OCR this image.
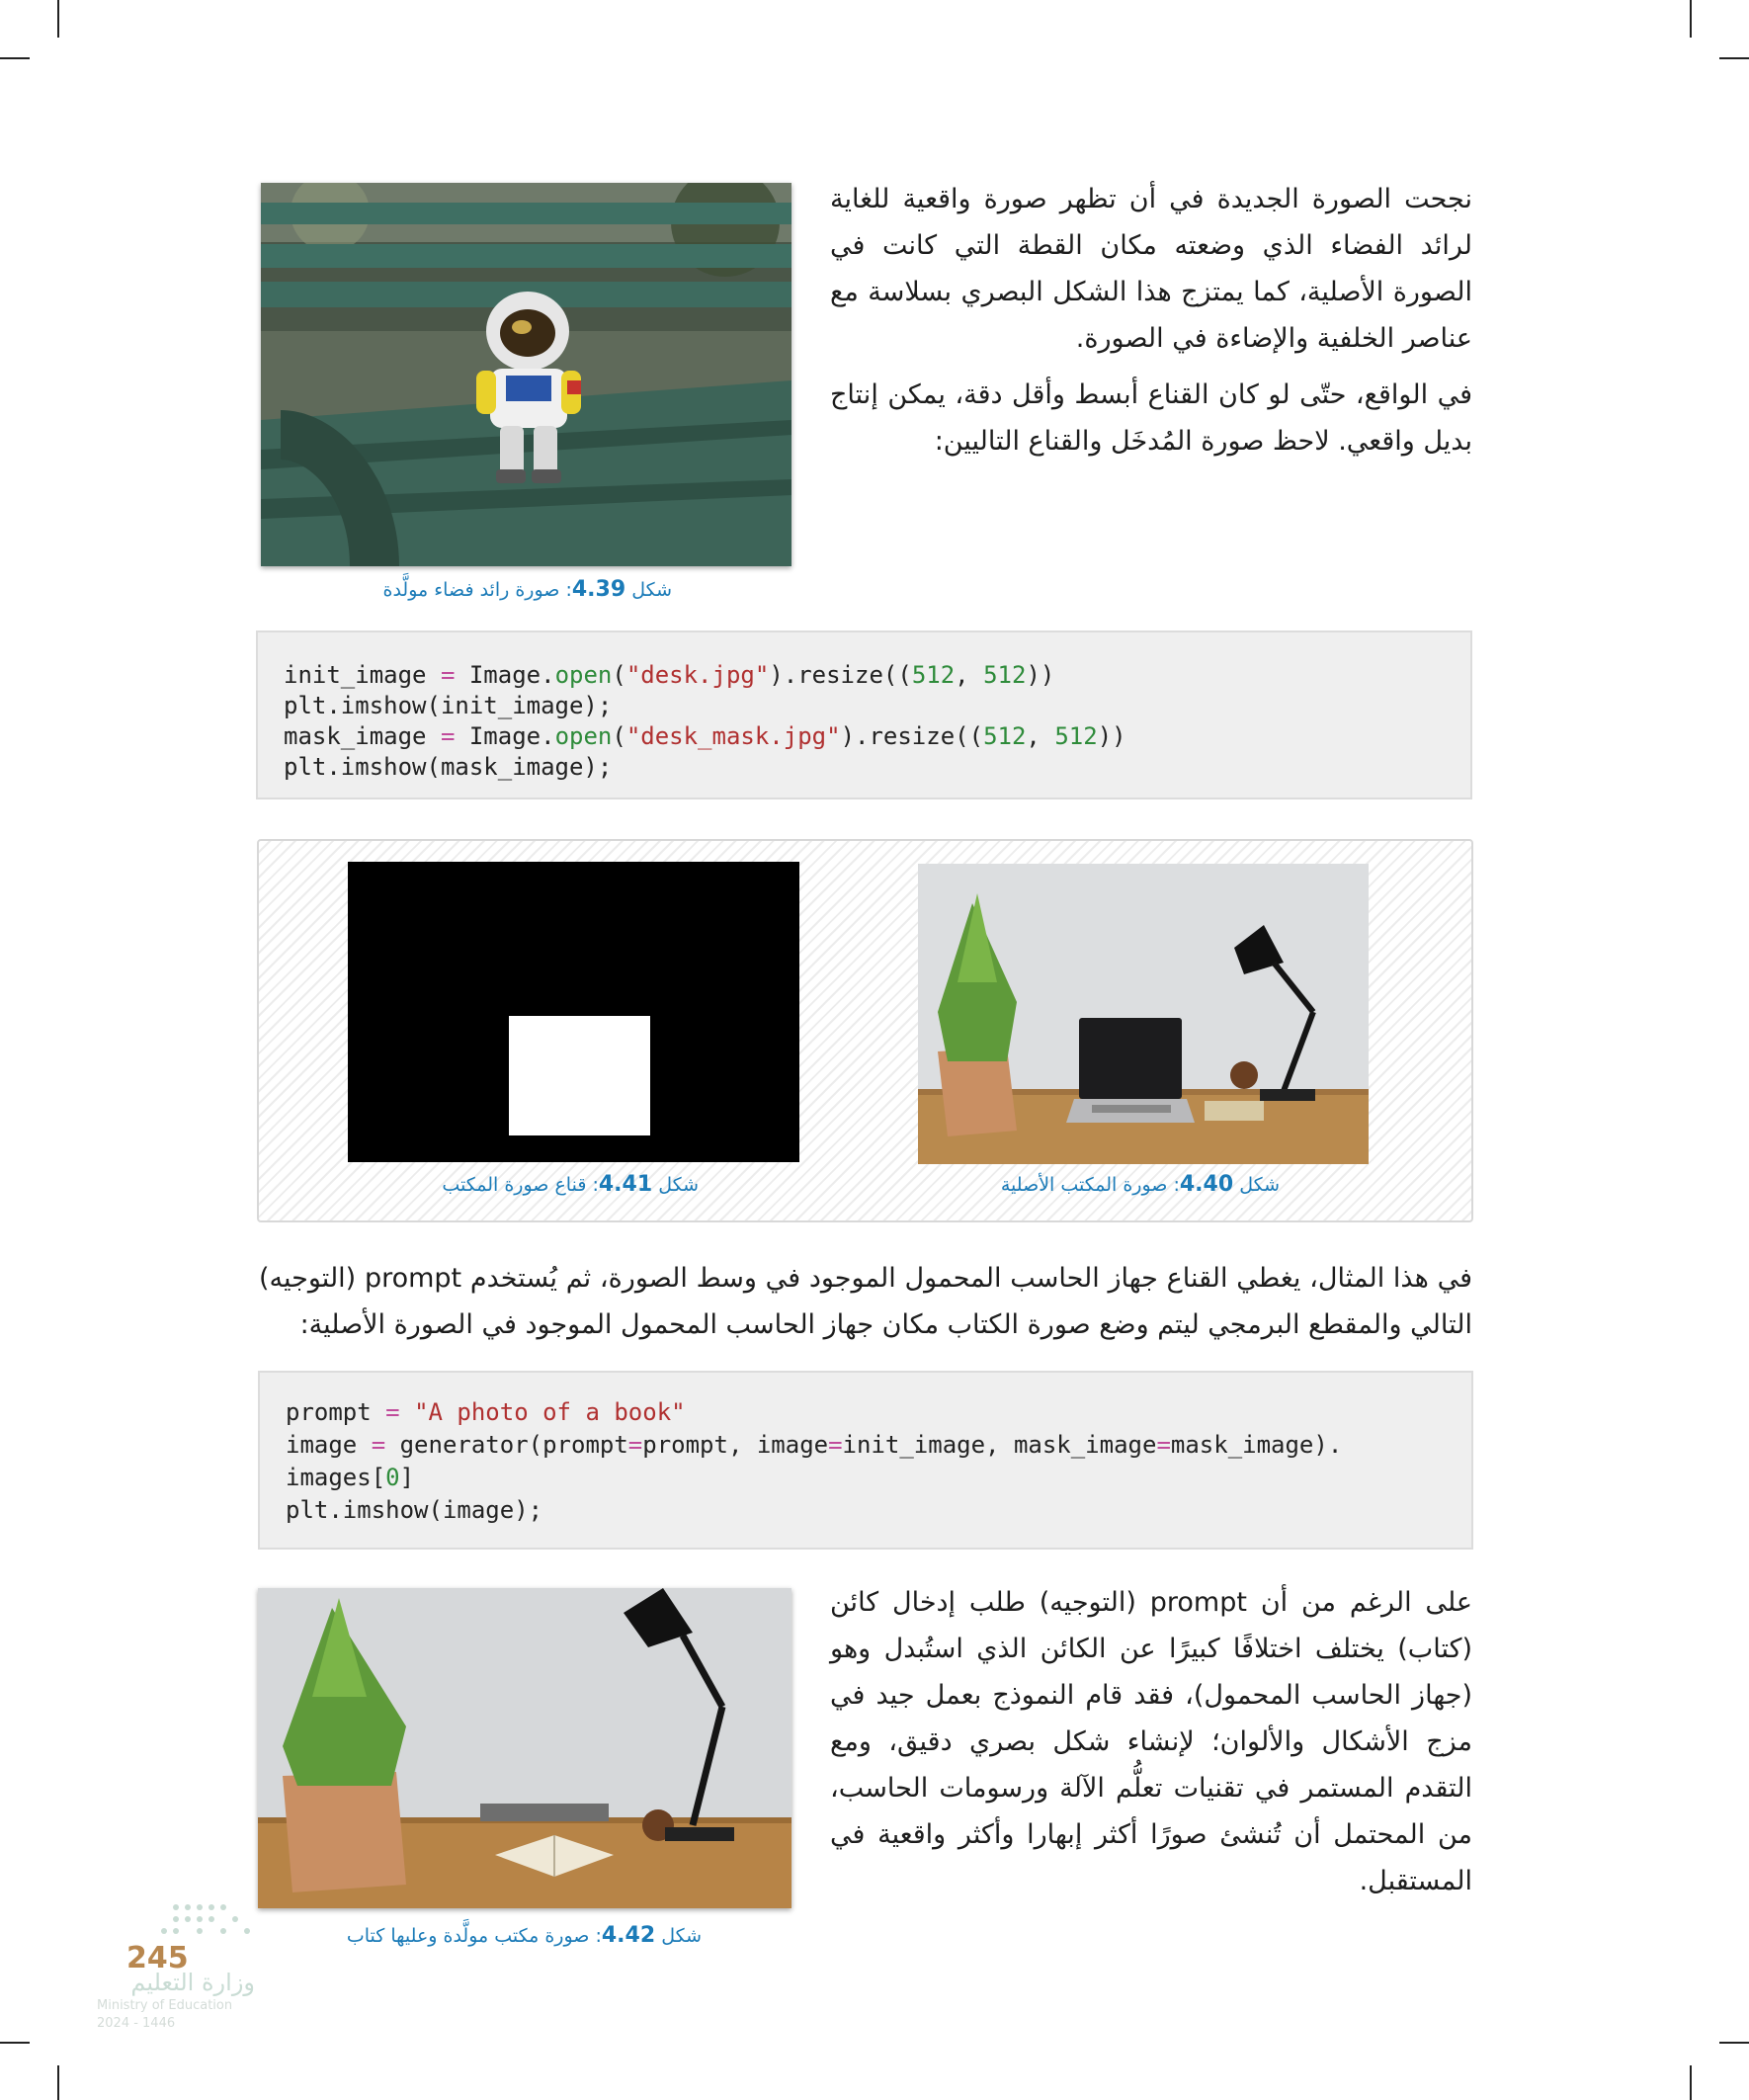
نجحت الصورة الجديدة في أن تظهر صورة واقعية للغاية لرائد الفضاء الذي وضعته مكان القطة التي كانت في الصورة الأصلية، كما يمتزج هذا الشكل البصري بسلاسة مع عناصر الخلفية والإضاءة في الصورة.

في الواقع، حتّى لو كان القناع أبسط وأقل دقة، يمكن إنتاج بديل واقعي. لاحظ صورة المُدخَل والقناع التاليين:

شكل 4.39: صورة رائد فضاء مولَّدة
init_image = Image.open("desk.jpg").resize((512, 512))
plt.imshow(init_image);
mask_image = Image.open("desk_mask.jpg").resize((512, 512))
plt.imshow(mask_image);
شكل 4.41: قناع صورة المكتب	شكل 4.40: صورة المكتب الأصلية

في هذا المثال، يغطي القناع جهاز الحاسب المحمول الموجود في وسط الصورة، ثم يُستخدم prompt (التوجيه) التالي والمقطع البرمجي ليتم وضع صورة الكتاب مكان جهاز الحاسب المحمول الموجود في الصورة الأصلية:

prompt = "A photo of a book"
image = generator(prompt=prompt, image=init_image, mask_image=mask_image).
images[0]
plt.imshow(image);
شكل 4.42: صورة مكتب مولَّدة وعليها كتاب

على الرغم من أن prompt (التوجيه) طلب إدخال كائن (كتاب) يختلف اختلافًا كبيرًا عن الكائن الذي استُبدل وهو (جهاز الحاسب المحمول)، فقد قام النموذج بعمل جيد في مزج الأشكال والألوان؛ لإنشاء شكل بصري دقيق، ومع التقدم المستمر في تقنيات تعلُّم الآلة ورسومات الحاسب، من المحتمل أن تُنشئ صورًا أكثر إبهارا وأكثر واقعية في المستقبل.

245
وزارة التعليم
Ministry of Education
2024 - 1446
